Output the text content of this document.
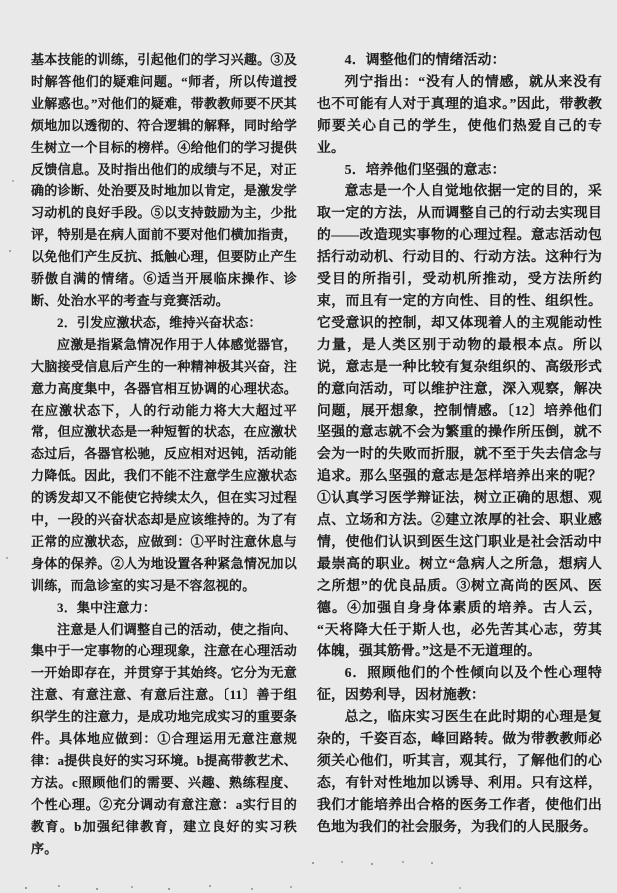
基本技能的训练，引起他们的学习兴趣。③及时解答他们的疑难问题。“师者，所以传道授业解惑也。”对他们的疑难，带教教师要不厌其烦地加以透彻的、符合逻辑的解释，同时给学生树立一个目标的榜样。④给他们的学习提供反馈信息。及时指出他们的成绩与不足，对正确的诊断、处治要及时地加以肯定，是激发学习动机的良好手段。⑤以支持鼓励为主，少批评，特别是在病人面前不要对他们横加指责，以免他们产生反抗、抵触心理，但要防止产生骄傲自满的情绪。⑥适当开展临床操作、诊断、处治水平的考查与竞赛活动。

2．引发应激状态，维持兴奋状态：

应激是指紧急情况作用于人体感觉器官，大脑接受信息后产生的一种精神极其兴奋，注意力高度集中，各器官相互协调的心理状态。在应激状态下，人的行动能力将大大超过平常，但应激状态是一种短暂的状态，在应激状态过后，各器官松驰，反应相对迟钝，活动能力降低。因此，我们不能不注意学生应激状态的诱发却又不能使它持续太久，但在实习过程中，一段的兴奋状态却是应该维持的。为了有正常的应激状态，应做到：①平时注意休息与身体的保养。②人为地设置各种紧急情况加以训练，而急诊室的实习是不容忽视的。

3．集中注意力：

注意是人们调整自己的活动，使之指向、集中于一定事物的心理现象，注意在心理活动一开始即存在，并贯穿于其始终。它分为无意注意、有意注意、有意后注意。〔11〕善于组织学生的注意力，是成功地完成实习的重要条件。具体地应做到：①合理运用无意注意规律：a提供良好的实习环境。b提高带教艺术、方法。c照顾他们的需要、兴趣、熟练程度、个性心理。②充分调动有意注意：a实行目的教育。b加强纪律教育，建立良好的实习秩序。

4．调整他们的情绪活动：

列宁指出：“没有人的情感，就从来没有也不可能有人对于真理的追求。”因此，带教教师要关心自己的学生，使他们热爱自己的专业。

5．培养他们坚强的意志：

意志是一个人自觉地依据一定的目的，采取一定的方法，从而调整自己的行动去实现目的——改造现实事物的心理过程。意志活动包括行动动机、行动目的、行动方法。这种行为受目的所指引，受动机所推动，受方法所约束，而且有一定的方向性、目的性、组织性。它受意识的控制，却又体现着人的主观能动性力量，是人类区别于动物的最根本点。所以说，意志是一种比较有复杂组织的、高级形式的意向活动，可以维护注意，深入观察，解决问题，展开想象，控制情感。〔12〕培养他们坚强的意志就不会为繁重的操作所压倒，就不会为一时的失败而折服，就不至于失去信念与追求。那么坚强的意志是怎样培养出来的呢？①认真学习医学辩证法，树立正确的思想、观点、立场和方法。②建立浓厚的社会、职业感情，使他们认识到医生这门职业是社会活动中最崇高的职业。树立“急病人之所急，想病人之所想”的优良品质。③树立高尚的医风、医德。④加强自身身体素质的培养。古人云，“天将降大任于斯人也，必先苦其心志，劳其体魄，强其筋骨。”这是不无道理的。

6．照顾他们的个性倾向以及个性心理特征，因势利导，因材施教：

总之，临床实习医生在此时期的心理是复杂的，千姿百态，峰回路转。做为带教教师必须关心他们，听其言，观其行，了解他们的心态，有针对性地加以诱导、利用。只有这样，我们才能培养出合格的医务工作者，使他们出色地为我们的社会服务，为我们的人民服务。
